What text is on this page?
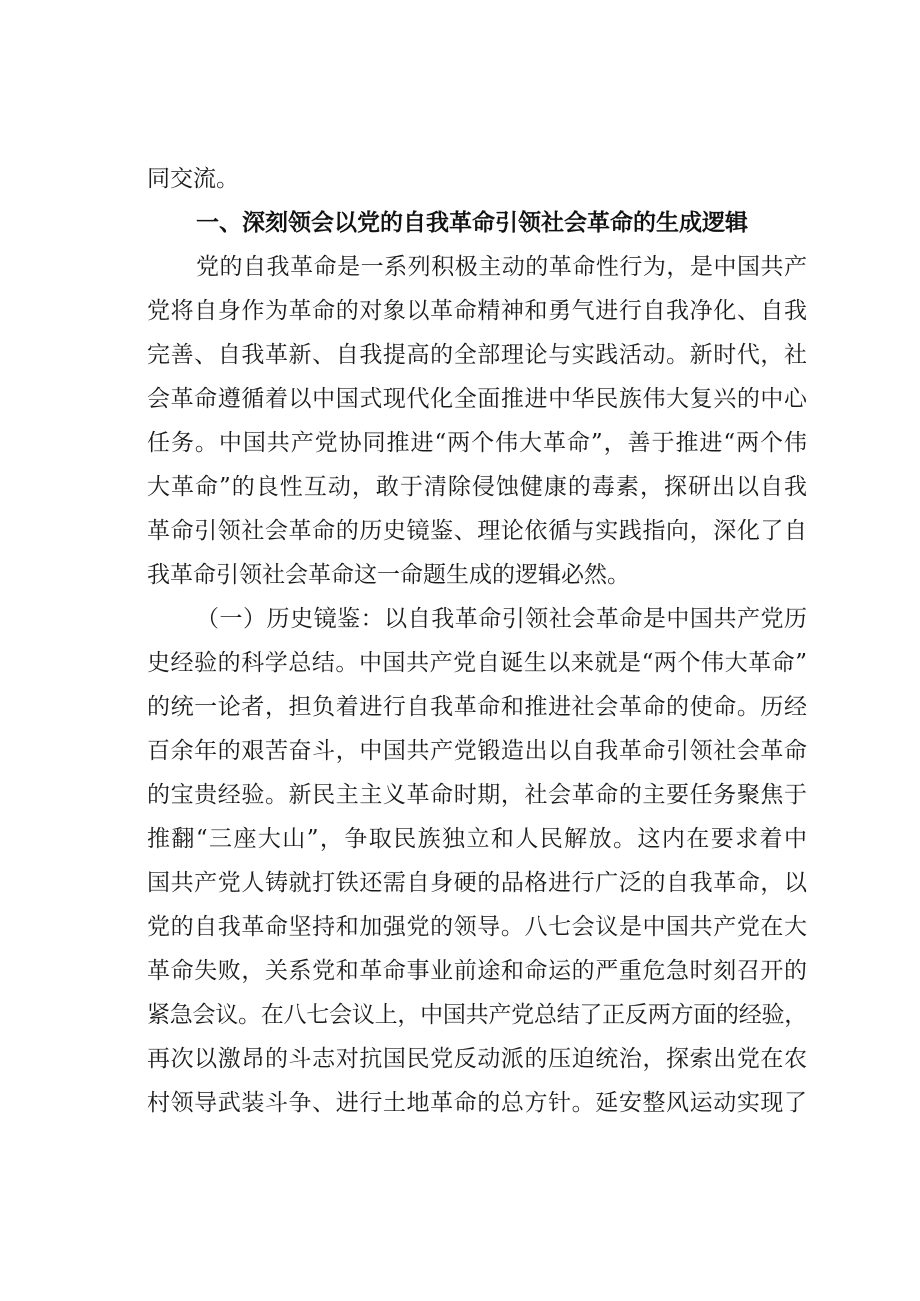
同交流。
一、深刻领会以党的自我革命引领社会革命的生成逻辑
党的自我革命是一系列积极主动的革命性行为，是中国共产
党将自身作为革命的对象以革命精神和勇气进行自我净化、自我
完善、自我革新、自我提高的全部理论与实践活动。新时代，社
会革命遵循着以中国式现代化全面推进中华民族伟大复兴的中心
任务。中国共产党协同推进“两个伟大革命”，善于推进“两个伟
大革命”的良性互动，敢于清除侵蚀健康的毒素，探研出以自我
革命引领社会革命的历史镜鉴、理论依循与实践指向，深化了自
我革命引领社会革命这一命题生成的逻辑必然。
（一）历史镜鉴：以自我革命引领社会革命是中国共产党历
史经验的科学总结。中国共产党自诞生以来就是“两个伟大革命”
的统一论者，担负着进行自我革命和推进社会革命的使命。历经
百余年的艰苦奋斗，中国共产党锻造出以自我革命引领社会革命
的宝贵经验。新民主主义革命时期，社会革命的主要任务聚焦于
推翻“三座大山”，争取民族独立和人民解放。这内在要求着中
国共产党人铸就打铁还需自身硬的品格进行广泛的自我革命，以
党的自我革命坚持和加强党的领导。八七会议是中国共产党在大
革命失败，关系党和革命事业前途和命运的严重危急时刻召开的
紧急会议。在八七会议上，中国共产党总结了正反两方面的经验，
再次以激昂的斗志对抗国民党反动派的压迫统治，探索出党在农
村领导武装斗争、进行土地革命的总方针。延安整风运动实现了
